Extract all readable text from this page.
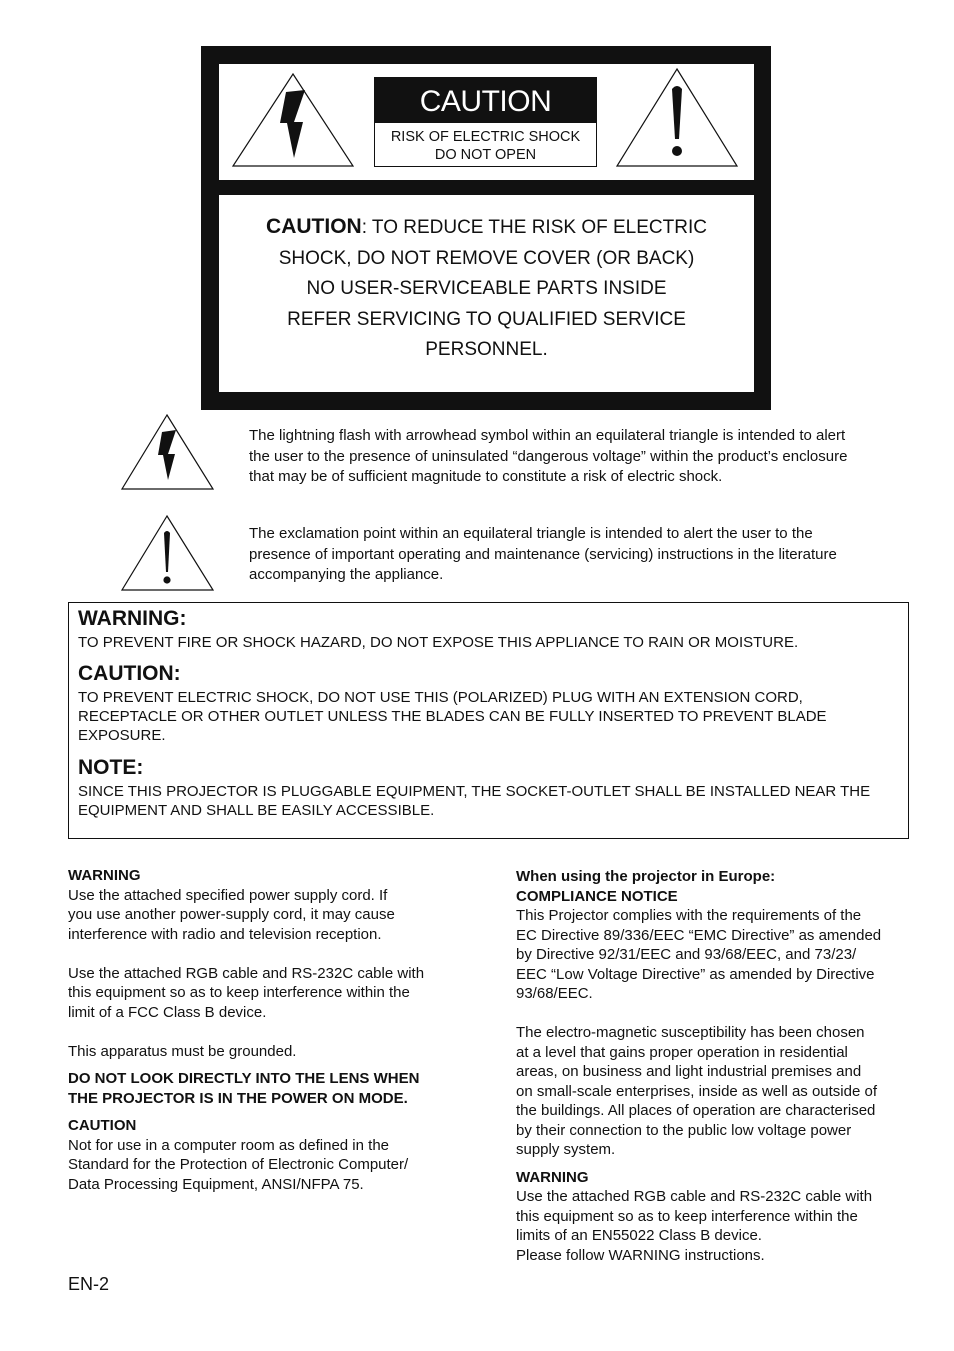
CAUTION
RISK OF ELECTRIC SHOCK
DO NOT OPEN
CAUTION: TO REDUCE THE RISK OF ELECTRIC
SHOCK, DO NOT REMOVE COVER (OR BACK)
NO USER-SERVICEABLE PARTS INSIDE
REFER SERVICING TO QUALIFIED SERVICE
PERSONNEL.
The lightning flash with arrowhead symbol within an equilateral triangle is intended to alert
the user to the presence of uninsulated “dangerous voltage” within the product’s enclosure
that may be of sufficient magnitude to constitute a risk of electric shock.
The exclamation point within an equilateral triangle is intended to alert the user to the
presence of important operating and maintenance (servicing) instructions in the literature
accompanying the appliance.
WARNING:
TO PREVENT FIRE OR SHOCK HAZARD, DO NOT EXPOSE THIS APPLIANCE TO RAIN OR MOISTURE.
CAUTION:
TO PREVENT ELECTRIC SHOCK, DO NOT USE THIS (POLARIZED) PLUG WITH AN EXTENSION CORD,
RECEPTACLE OR OTHER OUTLET UNLESS THE BLADES CAN BE FULLY INSERTED TO PREVENT BLADE
EXPOSURE.
NOTE:
SINCE THIS PROJECTOR IS PLUGGABLE EQUIPMENT, THE SOCKET-OUTLET SHALL BE INSTALLED NEAR THE
EQUIPMENT AND SHALL BE EASILY ACCESSIBLE.

WARNING

Use the attached specified power supply cord. If

you use another power-supply cord, it may cause

interference with radio and television reception.

Use the attached RGB cable and RS-232C cable with

this equipment so as to keep interference within the

limit of a FCC Class B device.

This apparatus must be grounded.

DO NOT LOOK DIRECTLY INTO THE LENS WHEN

THE PROJECTOR IS IN THE POWER ON MODE.

CAUTION

Not for use in a computer room as defined in the

Standard for the Protection of Electronic Computer/

Data Processing Equipment, ANSI/NFPA 75.

When using the projector in Europe:

COMPLIANCE NOTICE

This Projector complies with the requirements of the

EC Directive 89/336/EEC “EMC Directive” as amended

by Directive 92/31/EEC and 93/68/EEC, and 73/23/

EEC “Low Voltage Directive” as amended by Directive

93/68/EEC.

The electro-magnetic susceptibility has been chosen

at a level that gains proper operation in residential

areas, on business and light industrial premises and

on small-scale enterprises, inside as well as outside of

the buildings. All places of operation are characterised

by their connection to the public low voltage power

supply system.

WARNING

Use the attached RGB cable and RS-232C cable with

this equipment so as to keep interference within the

limits of an EN55022 Class B device.

Please follow WARNING instructions.

EN-2
